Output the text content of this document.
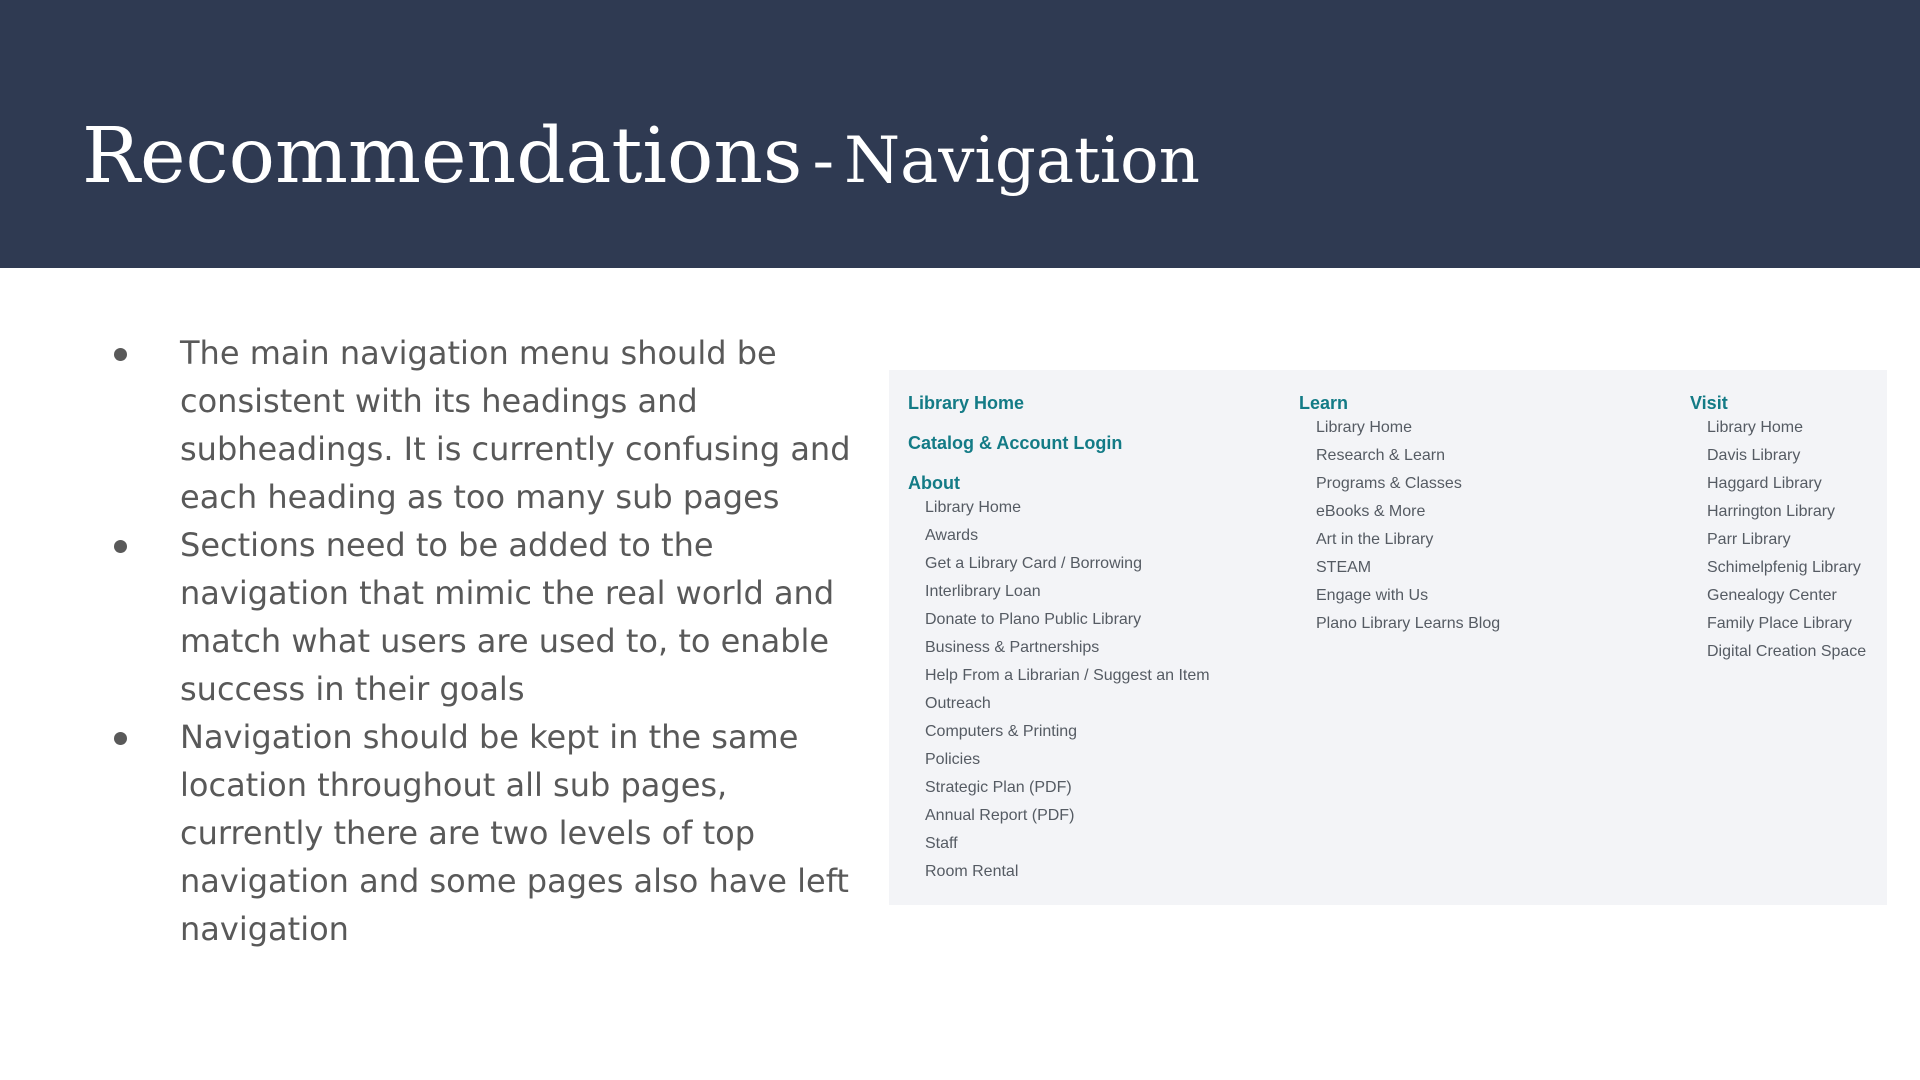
Recommendations - Navigation
The main navigation menu should be consistent with its headings and subheadings. It is currently confusing and each heading as too many sub pages
Sections need to be added to the navigation that mimic the real world and match what users are used to, to enable success in their goals
Navigation should be kept in the same location throughout all sub pages, currently there are two levels of top navigation and some pages also have left navigation
Library Home
Catalog & Account Login
About
Library Home
Awards
Get a Library Card / Borrowing
Interlibrary Loan
Donate to Plano Public Library
Business & Partnerships
Help From a Librarian / Suggest an Item
Outreach
Computers & Printing
Policies
Strategic Plan (PDF)
Annual Report (PDF)
Staff
Room Rental
Learn
Library Home
Research & Learn
Programs & Classes
eBooks & More
Art in the Library
STEAM
Engage with Us
Plano Library Learns Blog
Visit
Library Home
Davis Library
Haggard Library
Harrington Library
Parr Library
Schimelpfenig Library
Genealogy Center
Family Place Library
Digital Creation Space
